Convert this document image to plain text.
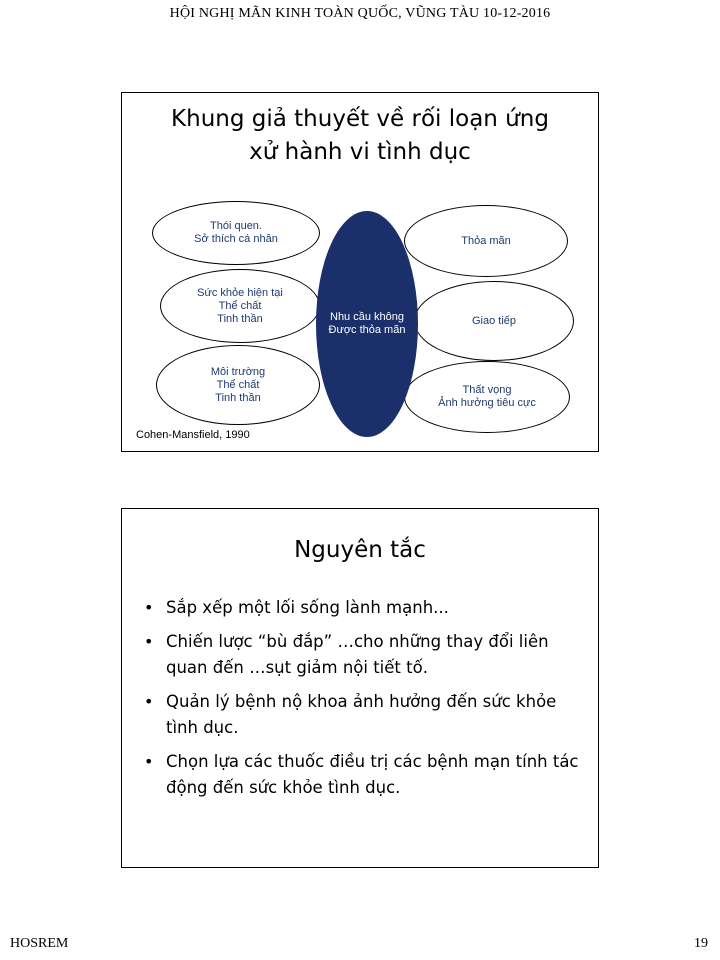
HỘI NGHỊ MÃN KINH TOÀN QUỐC, VŨNG TÀU 10-12-2016
Khung giả thuyết về rối loạn ứng
xử hành vi tình dục
Thói quen.
Sở thích cá nhân
Sức khỏe hiện tại
Thể chất
Tinh thần
Môi trường
Thể chất
Tinh thần
Thỏa mãn
Giao tiếp
Thất vọng
Ảnh hưởng tiêu cực
Nhu cầu không
Được thỏa mãn
Cohen-Mansfield, 1990
Nguyên tắc
• Sắp xếp một lối sống lành mạnh...
• Chiến lược “bù đắp” …cho những thay đổi liên quan đến …sụt giảm nội tiết tố.
• Quản lý bệnh nộ khoa ảnh hưởng đến sức khỏe tình dục.
• Chọn lựa các thuốc điều trị các bệnh mạn tính tác động đến sức khỏe tình dục.
HOSREM	19
